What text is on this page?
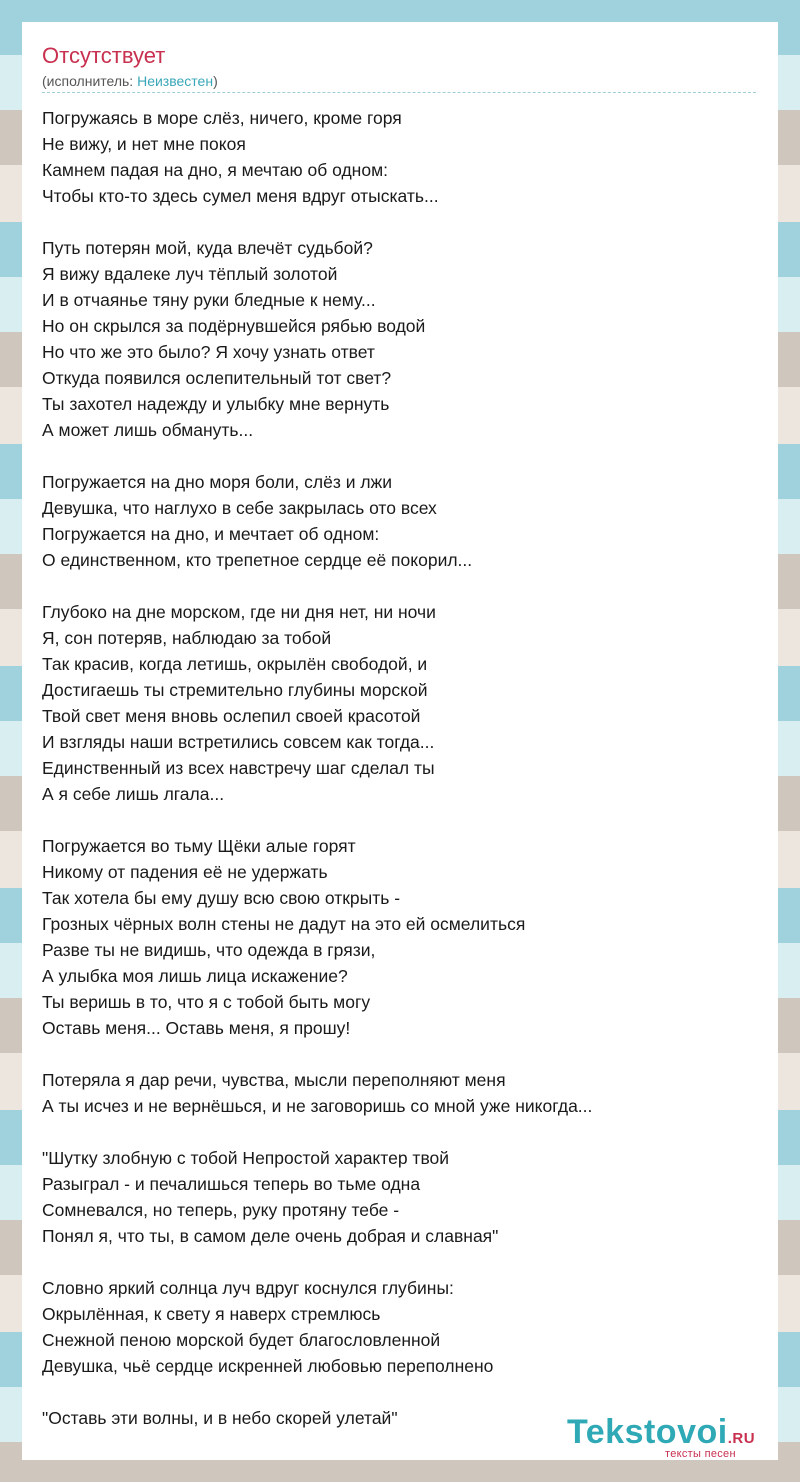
Отсутствует
(исполнитель: Неизвестен)
Погружаясь в море слёз, ничего, кроме горя
Не вижу, и нет мне покоя
Камнем падая на дно, я мечтаю об одном:
Чтобы кто-то здесь сумел меня вдруг отыскать...
Путь потерян мой, куда влечёт судьбой?
Я вижу вдалеке луч тёплый золотой
И в отчаянье тяну руки бледные к нему...
Но он скрылся за подёрнувшейся рябью водой
Но что же это было? Я хочу узнать ответ
Откуда появился ослепительный тот свет?
Ты захотел надежду и улыбку мне вернуть
А может лишь обмануть...
Погружается на дно моря боли, слёз и лжи
Девушка, что наглухо в себе закрылась ото всех
Погружается на дно, и мечтает об одном:
О единственном, кто трепетное сердце её покорил...
Глубоко на дне морском, где ни дня нет, ни ночи
Я, сон потеряв, наблюдаю за тобой
Так красив, когда летишь, окрылён свободой, и
Достигаешь ты стремительно глубины морской
Твой свет меня вновь ослепил своей красотой
И взгляды наши встретились совсем как тогда...
Единственный из всех навстречу шаг сделал ты
А я себе лишь лгала...
Погружается во тьму Щёки алые горят
Никому от падения её не удержать
Так хотела бы ему душу всю свою открыть -
Грозных чёрных волн стены не дадут на это ей осмелиться
Разве ты не видишь, что одежда в грязи,
А улыбка моя лишь лица искажение?
Ты веришь в то, что я с тобой быть могу
Оставь меня... Оставь меня, я прошу!
Потеряла я дар речи, чувства, мысли переполняют меня
А ты исчез и не вернёшься, и не заговоришь со мной уже никогда...
"Шутку злобную с тобой Непростой характер твой
Разыграл - и печалишься теперь во тьме одна
Сомневался, но теперь, руку протяну тебе -
Понял я, что ты, в самом деле очень добрая и славная"
Словно яркий солнца луч вдруг коснулся глубины:
Окрылённая, к свету я наверх стремлюсь
Снежной пеною морской будет благословленной
Девушка, чьё сердце искренней любовью переполнено
"Оставь эти волны, и в небо скорей улетай"	Tekstovoi.RU
тексты песен
